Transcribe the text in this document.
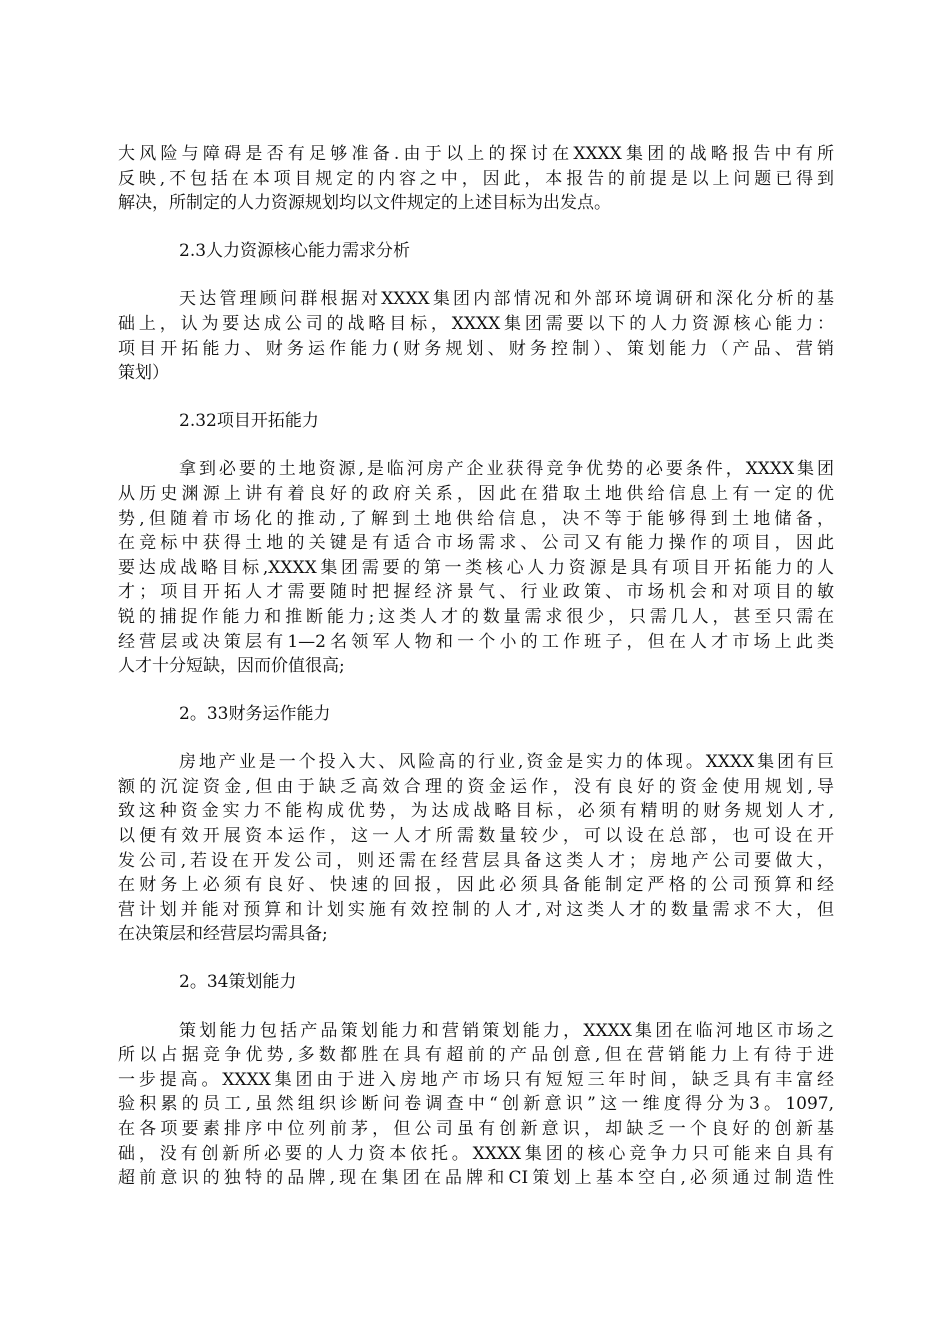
大风险与障碍是否有足够准备.由于以上的探讨在XXXX集团的战略报告中有所
反映,不包括在本项目规定的内容之中，因此，本报告的前提是以上问题已得到
解决，所制定的人力资源规划均以文件规定的上述目标为出发点。
2.3人力资源核心能力需求分析
天达管理顾问群根据对XXXX集团内部情况和外部环境调研和深化分析的基
础上，认为要达成公司的战略目标，XXXX集团需要以下的人力资源核心能力：
项目开拓能力、财务运作能力(财务规划、财务控制）、策划能力（产品、营销
策划）
2.32项目开拓能力
拿到必要的土地资源,是临河房产企业获得竞争优势的必要条件，XXXX集团
从历史渊源上讲有着良好的政府关系，因此在猎取土地供给信息上有一定的优
势,但随着市场化的推动,了解到土地供给信息，决不等于能够得到土地储备，
在竞标中获得土地的关键是有适合市场需求、公司又有能力操作的项目，因此
要达成战略目标,XXXX集团需要的第一类核心人力资源是具有项目开拓能力的人
才；项目开拓人才需要随时把握经济景气、行业政策、市场机会和对项目的敏
锐的捕捉作能力和推断能力;这类人才的数量需求很少，只需几人，甚至只需在
经营层或决策层有1—2名领军人物和一个小的工作班子，但在人才市场上此类
人才十分短缺，因而价值很高;
2。33财务运作能力
房地产业是一个投入大、风险高的行业,资金是实力的体现。XXXX集团有巨
额的沉淀资金,但由于缺乏高效合理的资金运作，没有良好的资金使用规划,导
致这种资金实力不能构成优势，为达成战略目标，必须有精明的财务规划人才,
以便有效开展资本运作，这一人才所需数量较少，可以设在总部，也可设在开
发公司,若设在开发公司，则还需在经营层具备这类人才；房地产公司要做大，
在财务上必须有良好、快速的回报，因此必须具备能制定严格的公司预算和经
营计划并能对预算和计划实施有效控制的人才,对这类人才的数量需求不大，但
在决策层和经营层均需具备;
2。34策划能力
策划能力包括产品策划能力和营销策划能力，XXXX集团在临河地区市场之
所以占据竞争优势,多数都胜在具有超前的产品创意,但在营销能力上有待于进
一步提高。XXXX集团由于进入房地产市场只有短短三年时间，缺乏具有丰富经
验积累的员工,虽然组织诊断问卷调查中“创新意识”这一维度得分为3。1097,
在各项要素排序中位列前茅，但公司虽有创新意识，却缺乏一个良好的创新基
础，没有创新所必要的人力资本依托。XXXX集团的核心竞争力只可能来自具有
超前意识的独特的品牌,现在集团在品牌和CI策划上基本空白,必须通过制造性
